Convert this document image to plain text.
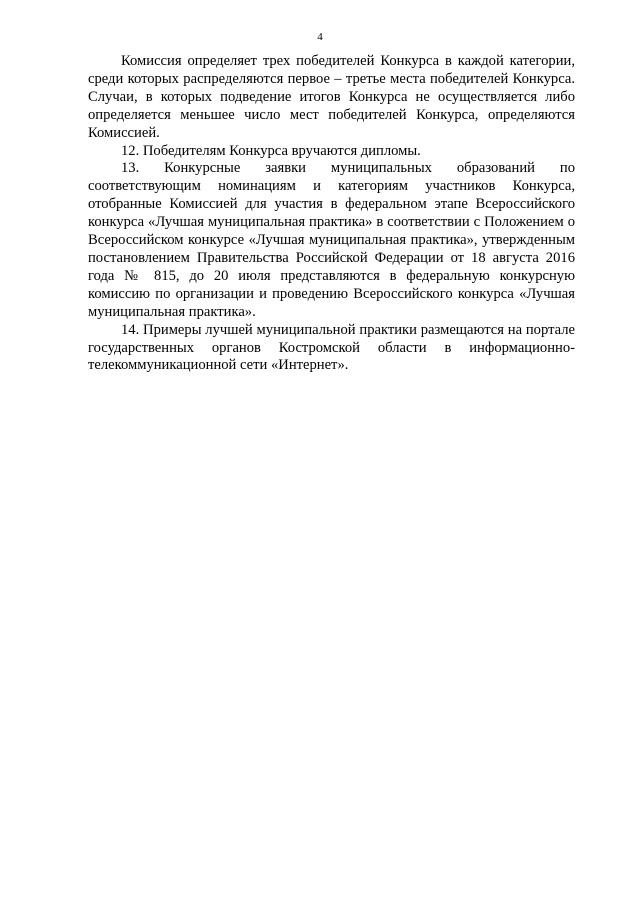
4

Комиссия определяет трех победителей Конкурса в каждой категории, среди которых распределяются первое – третье места победителей Конкурса. Случаи, в которых подведение итогов Конкурса не осуществляется либо определяется меньшее число мест победителей Конкурса, определяются Комиссией.

12. Победителям Конкурса вручаются дипломы.

13. Конкурсные заявки муниципальных образований по соответствующим номинациям и категориям участников Конкурса, отобранные Комиссией для участия в федеральном этапе Всероссийского конкурса «Лучшая муниципальная практика» в соответствии с Положением о Всероссийском конкурсе «Лучшая муниципальная практика», утвержденным постановлением Правительства Российской Федерации от 18 августа 2016 года № 815, до 20 июля представляются в федеральную конкурсную комиссию по организации и проведению Всероссийского конкурса «Лучшая муниципальная практика».

14. Примеры лучшей муниципальной практики размещаются на портале государственных органов Костромской области в информационно-телекоммуникационной сети «Интернет».
